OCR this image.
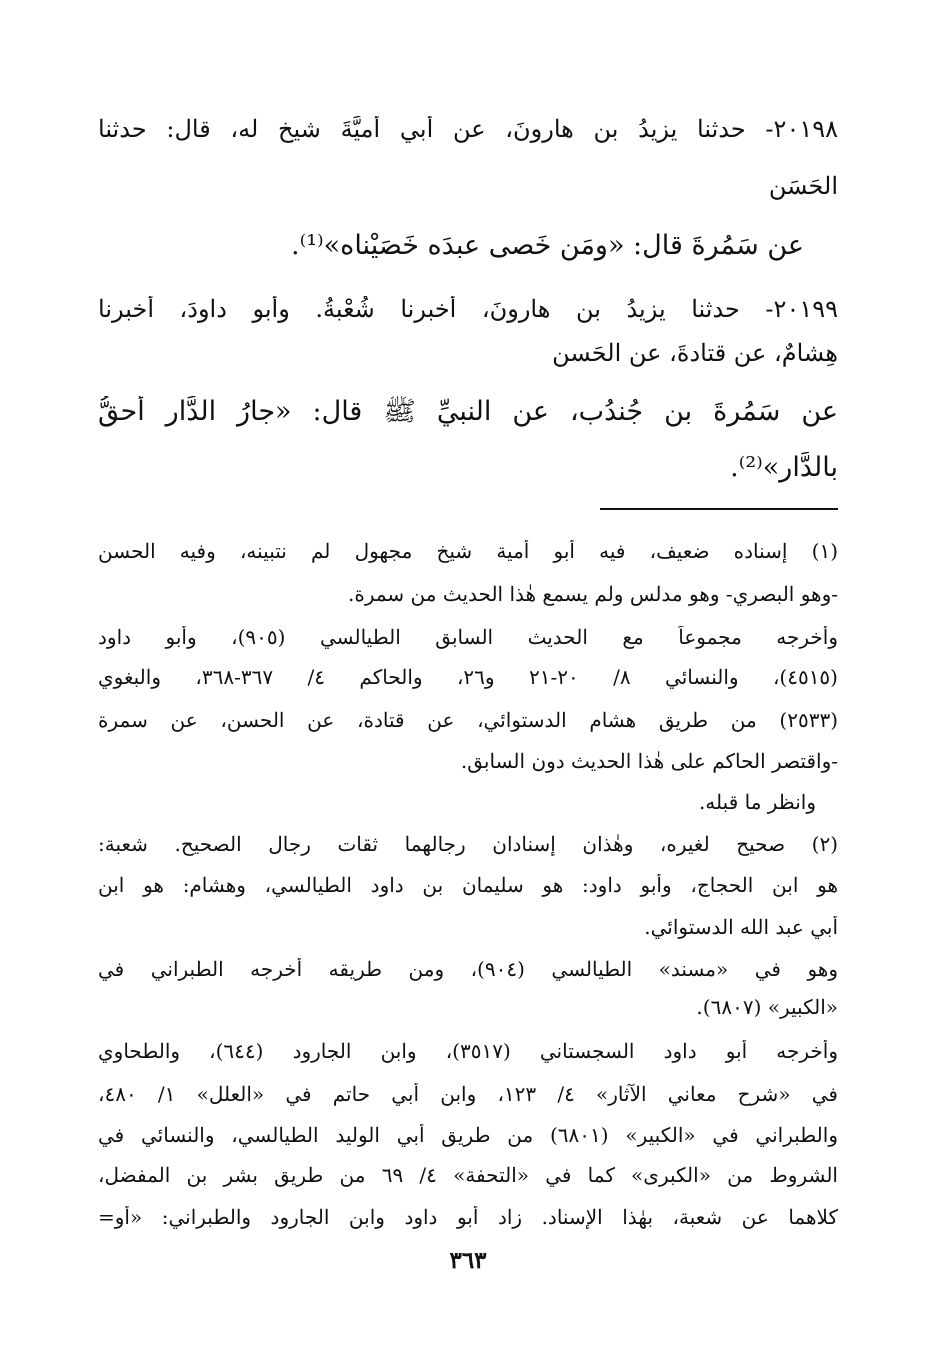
٢٠١٩٨- حدثنا يزيدُ بن هارونَ، عن أبي أُميَّةَ شيخٍ له، قال: حدثنا
الحَسَن
عن سَمُرةَ قال: «ومَن خَصى عبدَه خَصَيْناه»⁽¹⁾.
٢٠١٩٩- حدثنا يزيدُ بن هارونَ، أخبرنا شُعْبةُ. وأبو داودَ، أخبرنا
هِشامٌ، عن قتادةَ، عن الحَسنِ
عن سَمُرةَ بن جُندُب، عن النبيِّ ﷺ قال: «جارُ الدَّارِ أحقُّ
بالدَّار»⁽²⁾.
(١) إسناده ضعيف، فيه أبو أمية شيخ مجهول لم نتبينه، وفيه الحسن
-وهو البصري- وهو مدلس ولم يسمع هٰذا الحديث من سمرة.
وأخرجه مجموعاً مع الحديث السابق الطيالسي (٩٠٥)، وأبو داود
(٤٥١٥)، والنسائي ٨/ ٢٠-٢١ و٢٦، والحاكم ٤/ ٣٦٧-٣٦٨، والبغوي
(٢٥٣٣) من طريق هشام الدستوائي، عن قتادة، عن الحسن، عن سمرة
-واقتصر الحاكم على هٰذا الحديث دون السابق.
وانظر ما قبله.
(٢) صحيح لغيره، وهٰذان إسنادان رجالهما ثقات رجال الصحيح. شعبة:
هو ابن الحجاج، وأبو داود: هو سليمان بن داود الطيالسي، وهشام: هو ابن
أبي عبد الله الدستوائي.
وهو في «مسند» الطيالسي (٩٠٤)، ومن طريقه أخرجه الطبراني في
«الكبير» (٦٨٠٧).
وأخرجه أبو داود السجستاني (٣٥١٧)، وابن الجارود (٦٤٤)، والطحاوي
في «شرح معاني الآثار» ٤/ ١٢٣، وابن أبي حاتم في «العلل» ١/ ٤٨٠،
والطبراني في «الكبير» (٦٨٠١) من طريق أبي الوليد الطيالسي، والنسائي في
الشروط من «الكبرى» كما في «التحفة» ٤/ ٦٩ من طريق بشر بن المفضل،
كلاهما عن شعبة، بهٰذا الإسناد. زاد أبو داود وابن الجارود والطبراني: «أو=
٣٦٣
